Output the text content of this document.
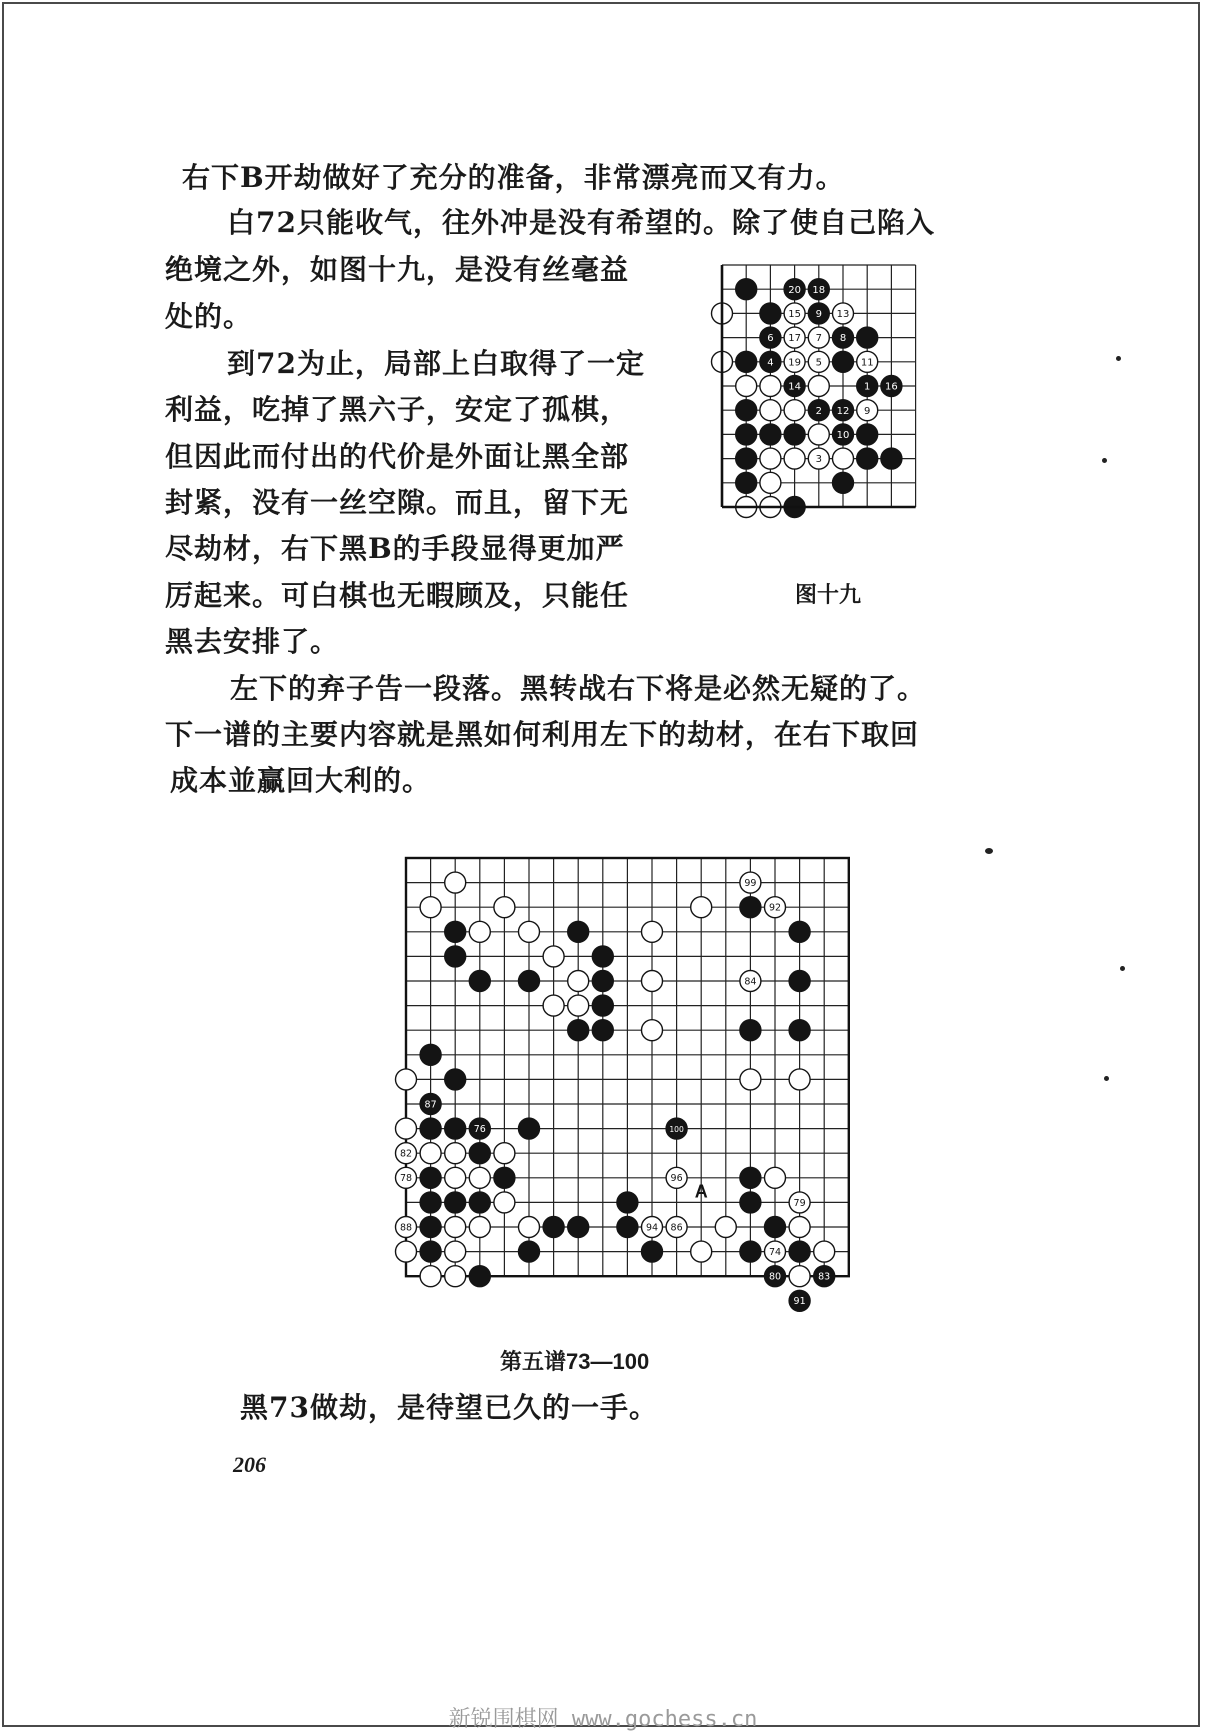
右下B开劫做好了充分的准备，非常漂亮而又有力。

白72只能收气，往外冲是没有希望的。除了使自己陷入

绝境之外，如图十九，是没有丝毫益

处的。

到72为止，局部上白取得了一定

利益，吃掉了黑六子，安定了孤棋，

但因此而付出的代价是外面让黑全部

封紧，没有一丝空隙。而且，留下无

尽劫材，右下黑B的手段显得更加严

厉起来。可白棋也无暇顾及，只能任

黑去安排了。

左下的弃子告一段落。黑转战右下将是必然无疑的了。

下一谱的主要内容就是黑如何利用左下的劫材，在右下取回

成本並赢回大利的。

20 18
15 9 13
6 17 7 8
4 19 5	11
14	1 16
2 12 9
10
3
图十九
99
92
84
87
76	100
82
78	96
79
88	94 86
74
80	83
91
A
第五谱73—100

黑73做劫，是待望已久的一手。

206
新锐围棋网 www.gochess.cn
